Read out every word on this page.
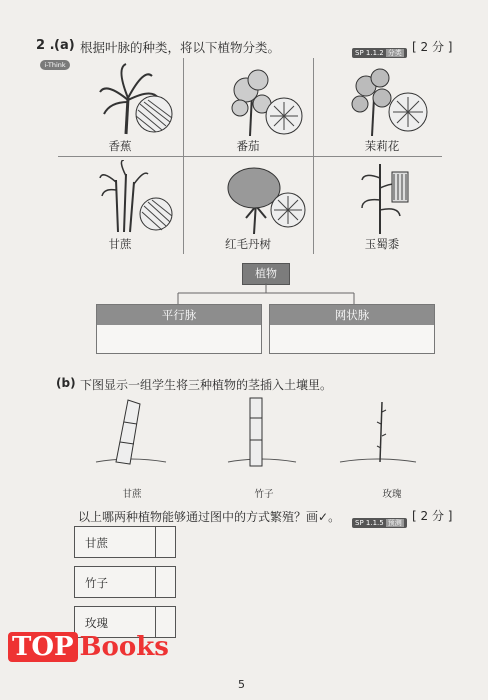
2 . (a) 根据叶脉的种类，将以下植物分类。	SP 1.1.2 分类 [ 2 分 ]
i-Think
香蕉	番茄	茉莉花
甘蔗	红毛丹树	玉蜀黍
植物
平行脉	网状脉
(b) 下图显示一组学生将三种植物的茎插入土壤里。
甘蔗	竹子	玫瑰
以上哪两种植物能够通过图中的方式繁殖？画✓。	SP 1.1.5 预测 [ 2 分 ]
甘蔗
竹子
玫瑰
5
TOP Books
